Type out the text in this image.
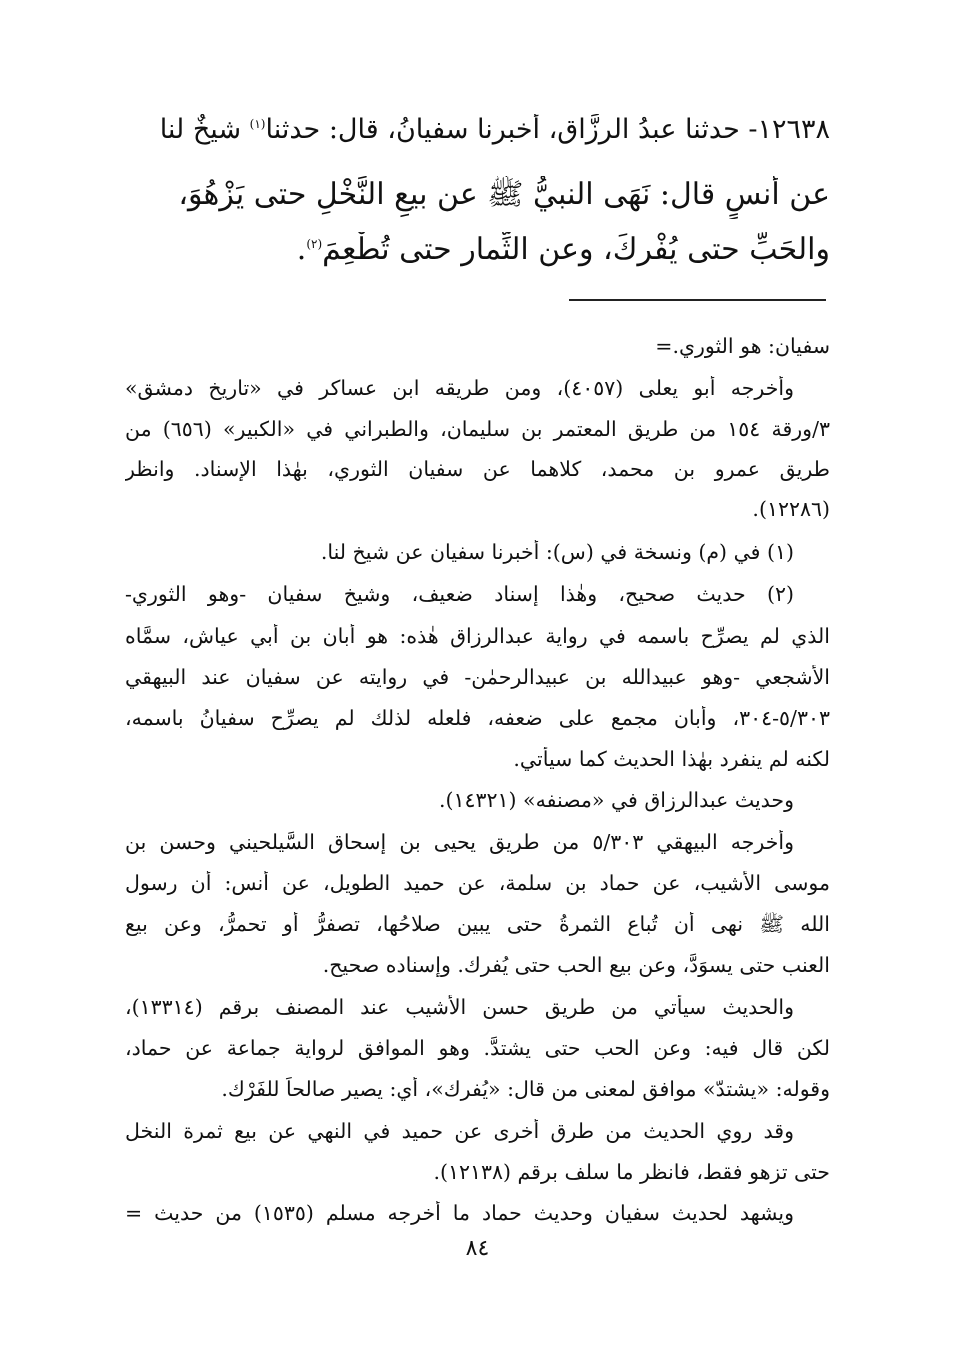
١٢٦٣٨- حدثنا عبدُ الرزَّاق، أخبرنا سفيانُ، قال: حدثنا$^{(١)}$ شيخٌ لنا
عن أنسٍ قال: نَهَى النبيُّ ﷺ عن بيعِ النَّخْلِ حتى يَزْهُوَ،
والحَبِّ حتى يُفْرِكَ، وعن الثِّمارِ حتى تُطْعِمَ$^{(٢)}$.
سفيان: هو الثوري.=
وأخرجه أبو يعلى (٤٠٥٧)، ومن طريقه ابن عساكر في «تاريخ دمشق»
٣/ورقة ١٥٤ من طريق المعتمر بن سليمان، والطبراني في «الكبير» (٦٥٦) من
طريق عمرو بن محمد، كلاهما عن سفيان الثوري، بهٰذا الإسناد. وانظر
(١٢٢٨٦).
(١) في (م) ونسخة في (س): أخبرنا سفيان عن شيخ لنا.
(٢) حديث صحيح، وهٰذا إسناد ضعيف، وشيخ سفيان -وهو الثوري-
الذي لم يصرِّح باسمه في رواية عبدالرزاق هٰذه: هو أبان بن أبي عياش، سمَّاه
الأشجعي -وهو عبيدالله بن عبيدالرحمٰن- في روايته عن سفيان عند البيهقي
٥/٣٠٣-٣٠٤، وأبان مجمع على ضعفه، فلعله لذلك لم يصرِّح سفيانُ باسمه،
لكنه لم ينفرد بهٰذا الحديث كما سيأتي.
وحديث عبدالرزاق في «مصنفه» (١٤٣٢١).
وأخرجه البيهقي ٥/٣٠٣ من طريق يحيى بن إسحاق السَّيلحيني وحسن بن
موسى الأشيب، عن حماد بن سلمة، عن حميد الطويل، عن أنس: أن رسول
الله ﷺ نهى أن تُباع الثمرةُ حتى يبين صلاحُها، تصفرُّ أو تحمرُّ، وعن بيع
العنب حتى يسوَدَّ، وعن بيع الحب حتى يُفرِك. وإسناده صحيح.
والحديث سيأتي من طريق حسن الأشيب عند المصنف برقم (١٣٣١٤)،
لكن قال فيه: وعن الحب حتى يشتدَّ. وهو الموافق لرواية جماعة عن حماد،
وقوله: «يشتدّ» موافق لمعنى من قال: «يُفرِك»، أي: يصير صالحاً للفَرْك.
وقد روي الحديث من طرق أخرى عن حميد في النهي عن بيع ثمرة النخل
حتى تزهو فقط، فانظر ما سلف برقم (١٢١٣٨).
ويشهد لحديث سفيان وحديث حماد ما أخرجه مسلم (١٥٣٥) من حديث =
٨٤
